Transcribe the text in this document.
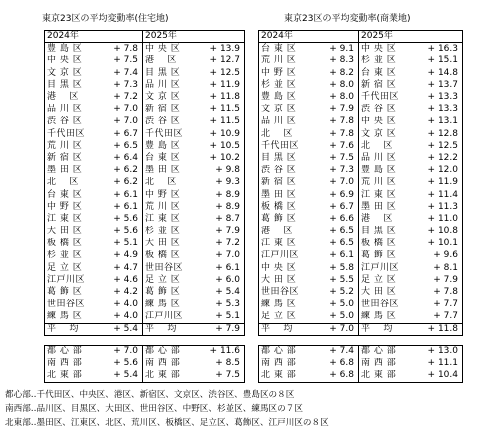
東京23区の平均変動率(住宅地)	東京23区の平均変動率(商業地)
2024年		2025年	
豊 島 区	+ 7.8	中 央 区	+ 13.9
中 央 区	+ 7.5	港　 区	+ 12.7
文 京 区	+ 7.4	目 黒 区	+ 12.5
目 黒 区	+ 7.3	品 川 区	+ 11.9
港　 区	+ 7.2	文 京 区	+ 11.8
品 川 区	+ 7.0	新 宿 区	+ 11.5
渋 谷 区	+ 7.0	渋 谷 区	+ 11.5
千代田区	+ 6.7	千代田区	+ 10.9
荒 川 区	+ 6.5	豊 島 区	+ 10.5
新 宿 区	+ 6.4	台 東 区	+ 10.2
墨 田 区	+ 6.2	墨 田 区	+ 9.8
北　 区	+ 6.2	北　 区	+ 9.3
台 東 区	+ 6.1	中 野 区	+ 8.9
中 野 区	+ 6.1	荒 川 区	+ 8.9
江 東 区	+ 5.6	江 東 区	+ 8.7
大 田 区	+ 5.6	杉 並 区	+ 7.9
板 橋 区	+ 5.1	大 田 区	+ 7.2
杉 並 区	+ 4.9	板 橋 区	+ 7.0
足 立 区	+ 4.7	世田谷区	+ 6.1
江戸川区	+ 4.6	足 立 区	+ 6.0
葛 飾 区	+ 4.2	葛 飾 区	+ 5.4
世田谷区	+ 4.0	練 馬 区	+ 5.3
練 馬 区	+ 4.0	江戸川区	+ 5.1
平　 均	+ 5.4	平　 均	+ 7.9
都 心 部	+ 7.0	都 心 部	+ 11.6
南 西 部	+ 5.6	南 西 部	+ 8.5
北 東 部	+ 5.4	北 東 部	+ 7.5
2024年		2025年	
台 東 区	+ 9.1	中 央 区	+ 16.3
荒 川 区	+ 8.3	杉 並 区	+ 15.1
中 野 区	+ 8.2	台 東 区	+ 14.8
杉 並 区	+ 8.0	新 宿 区	+ 13.7
豊 島 区	+ 8.0	千代田区	+ 13.3
文 京 区	+ 7.9	渋 谷 区	+ 13.3
品 川 区	+ 7.8	中 央 区	+ 13.1
北　 区	+ 7.8	文 京 区	+ 12.8
千代田区	+ 7.6	北　 区	+ 12.5
目 黒 区	+ 7.5	品 川 区	+ 12.2
渋 谷 区	+ 7.3	豊 島 区	+ 12.0
新 宿 区	+ 7.0	荒 川 区	+ 11.9
墨 田 区	+ 6.9	江 東 区	+ 11.4
板 橋 区	+ 6.7	墨 田 区	+ 11.3
葛 飾 区	+ 6.6	港　 区	+ 11.0
港　 区	+ 6.5	目 黒 区	+ 10.8
江 東 区	+ 6.5	板 橋 区	+ 10.1
江戸川区	+ 6.1	葛 飾 区	+ 9.6
中 央 区	+ 5.8	江戸川区	+ 8.1
大 田 区	+ 5.5	足 立 区	+ 7.9
世田谷区	+ 5.2	大 田 区	+ 7.8
練 馬 区	+ 5.0	世田谷区	+ 7.7
足 立 区	+ 5.0	練 馬 区	+ 7.7
平　 均	+ 7.0	平　 均	+ 11.8
都 心 部	+ 7.4	都 心 部	+ 13.0
南 西 部	+ 6.8	南 西 部	+ 11.1
北 東 部	+ 6.8	北 東 部	+ 10.4
都心部‥千代田区、中央区、港区、新宿区、文京区、渋谷区、豊島区の８区
南西部‥品川区、目黒区、大田区、世田谷区、中野区、杉並区、練馬区の７区
北東部‥墨田区、江東区、北区、荒川区、板橋区、足立区、葛飾区、江戸川区の８区
